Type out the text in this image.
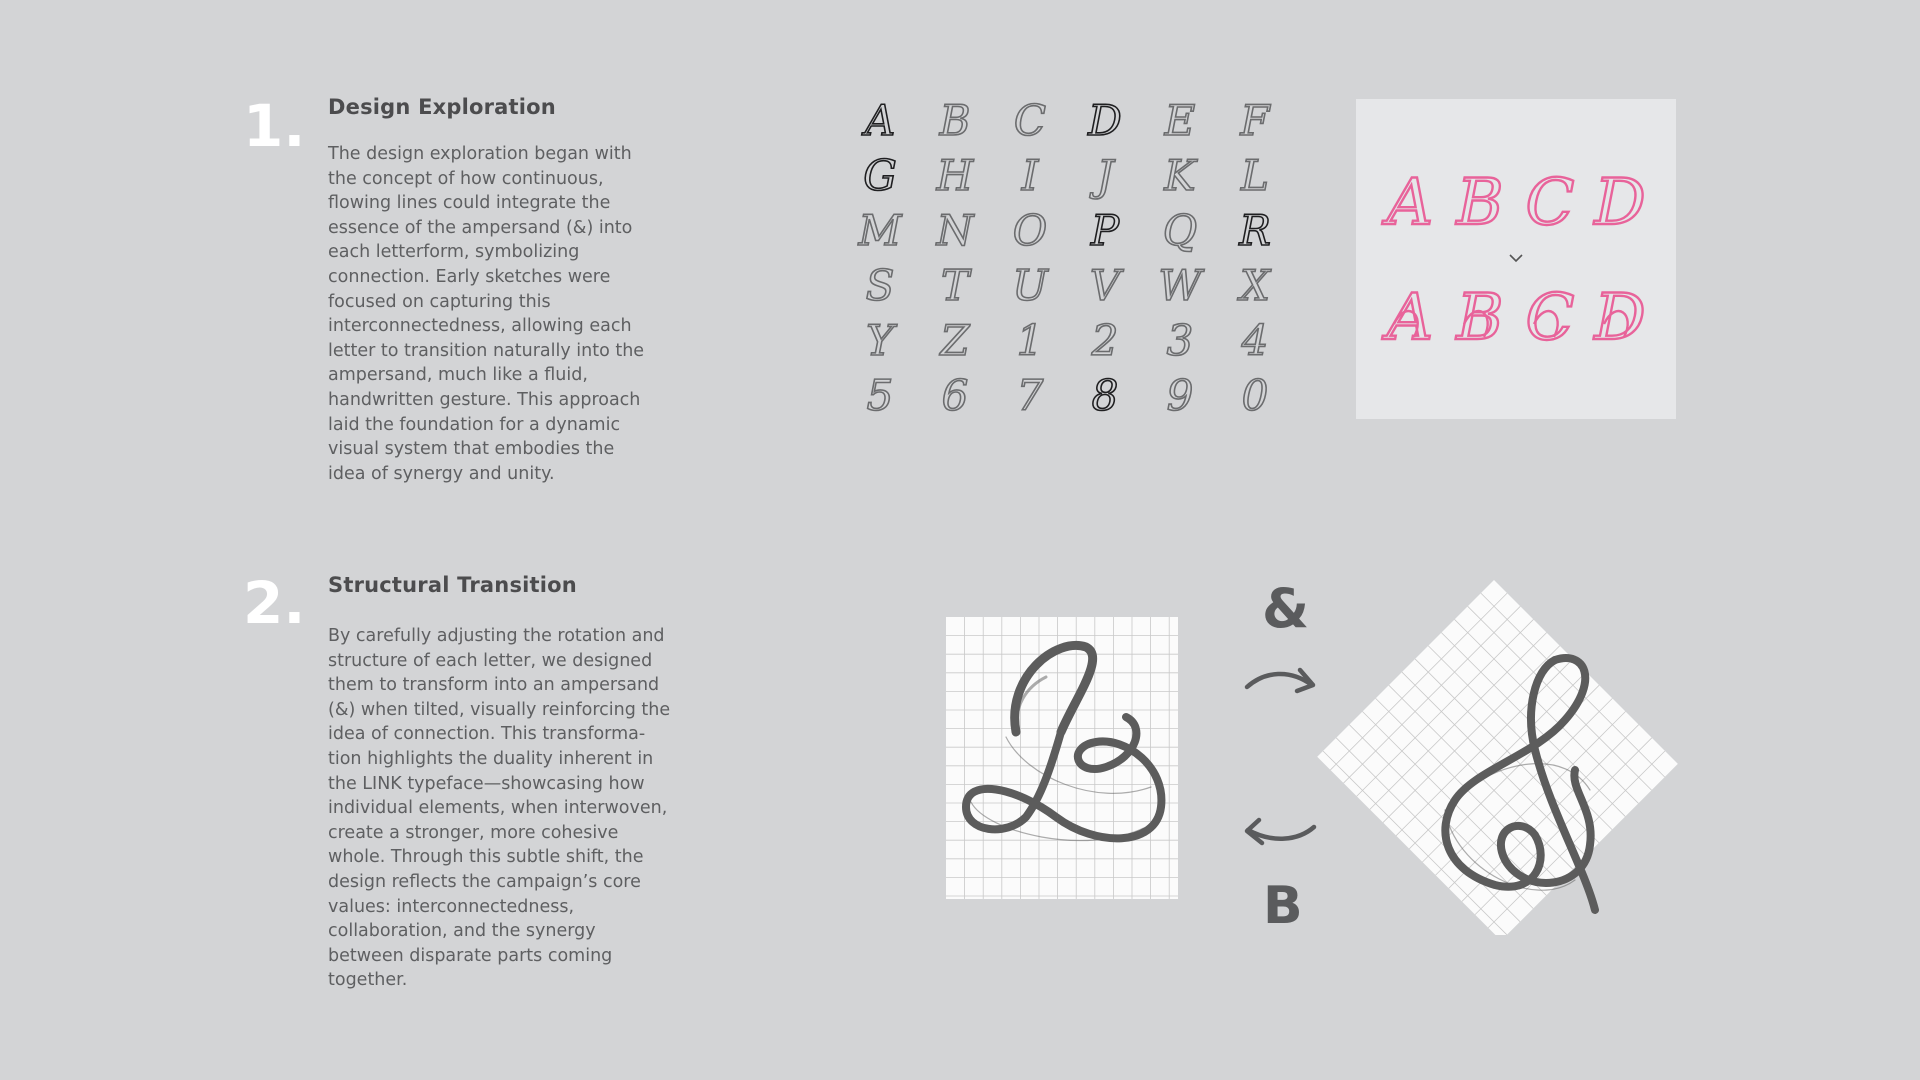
1. Design Exploration
The design exploration began with
the concept of how continuous,
flowing lines could integrate the
essence of the ampersand (&) into
each letterform, symbolizing
connection. Early sketches were
focused on capturing this
interconnectedness, allowing each
letter to transition naturally into the
ampersand, much like a fluid,
handwritten gesture. This approach
laid the foundation for a dynamic
visual system that embodies the
idea of synergy and unity.
2. Structural Transition
By carefully adjusting the rotation and
structure of each letter, we designed
them to transform into an ampersand
(&) when tilted, visually reinforcing the
idea of connection. This transforma-
tion highlights the duality inherent in
the LINK typeface—showcasing how
individual elements, when interwoven,
create a stronger, more cohesive
whole. Through this subtle shift, the
design reflects the campaign’s core
values: interconnectedness,
collaboration, and the synergy
between disparate parts coming
together.
A B C D E F
G H I J K L
M N O P Q R
S T U V W X
Y Z 1 2 3 4
5 6 7 8 9 0
A B C D
A B C D
&
B
